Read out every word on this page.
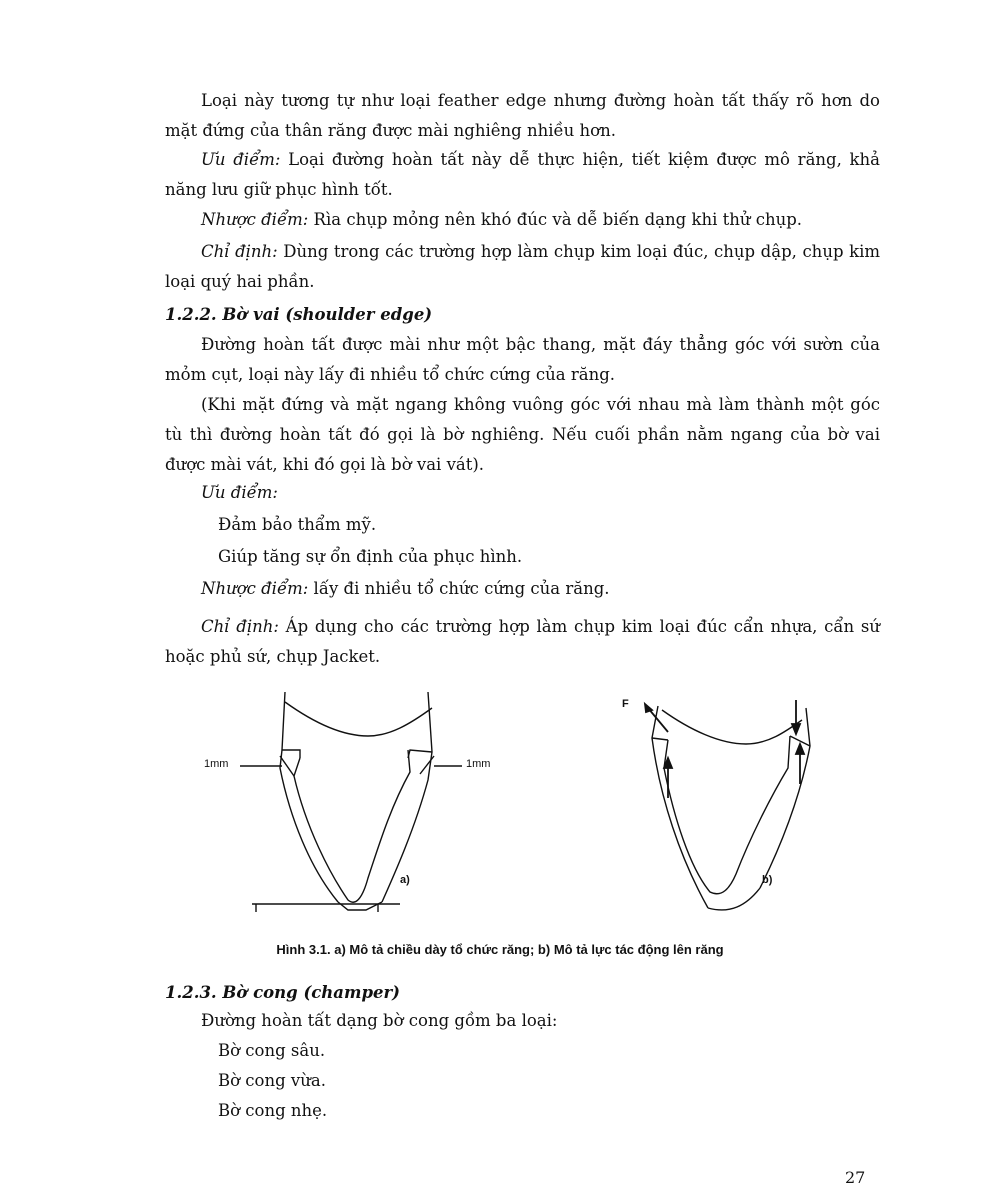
Loại này tương tự như loại feather edge nhưng đường hoàn tất thấy rõ hơn do mặt đứng của thân răng được mài nghiêng nhiều hơn.

Ưu điểm: Loại đường hoàn tất này dễ thực hiện, tiết kiệm được mô răng, khả năng lưu giữ phục hình tốt.

Nhược điểm: Rìa chụp mỏng nên khó đúc và dễ biến dạng khi thử chụp.

Chỉ định: Dùng trong các trường hợp làm chụp kim loại đúc, chụp dập, chụp kim loại quý hai phần.

1.2.2. Bờ vai (shoulder edge)

Đường hoàn tất được mài như một bậc thang, mặt đáy thẳng góc với sườn của mỏm cụt, loại này lấy đi nhiều tổ chức cứng của răng.

(Khi mặt đứng và mặt ngang không vuông góc với nhau mà làm thành một góc tù thì đường hoàn tất đó gọi là bờ nghiêng. Nếu cuối phần nằm ngang của bờ vai được mài vát, khi đó gọi là bờ vai vát).

Ưu điểm:

Đảm bảo thẩm mỹ.

Giúp tăng sự ổn định của phục hình.

Nhược điểm: lấy đi nhiều tổ chức cứng của răng.

Chỉ định: Áp dụng cho các trường hợp làm chụp kim loại đúc cẩn nhựa, cẩn sứ hoặc phủ sứ, chụp Jacket.

1mm	1mm
a)	b)
F
Hình 3.1. a) Mô tả chiều dày tổ chức răng; b) Mô tả lực tác động lên răng
1.2.3. Bờ cong (champer)

Đường hoàn tất dạng bờ cong gồm ba loại:

Bờ cong sâu.

Bờ cong vừa.

Bờ cong nhẹ.

27
